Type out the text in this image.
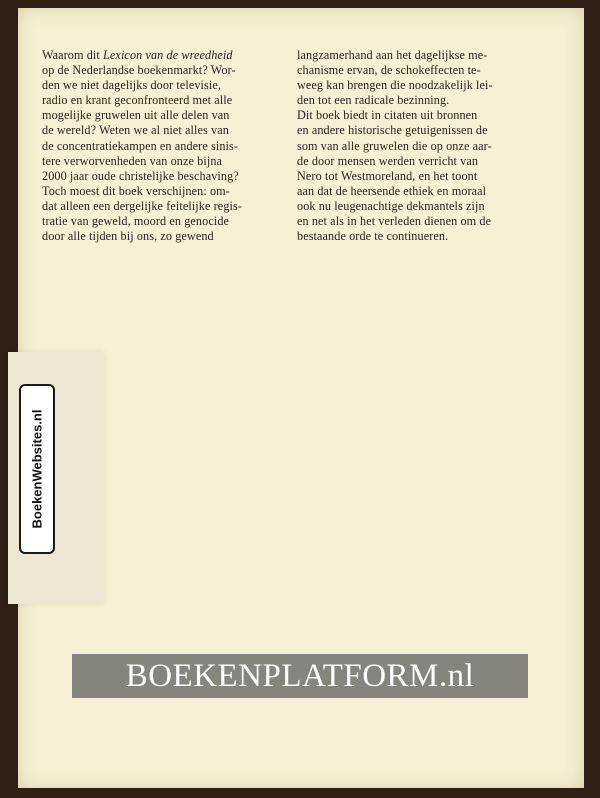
Waarom dit Lexicon van de wreedheid
op de Nederlandse boekenmarkt? Wor-
den we niet dagelijks door televisie,
radio en krant geconfronteerd met alle
mogelijke gruwelen uit alle delen van
de wereld? Weten we al niet alles van
de concentratiekampen en andere sinis-
tere verworvenheden van onze bijna
2000 jaar oude christelijke beschaving?
Toch moest dit boek verschijnen: om-
dat alleen een dergelijke feitelijke regis-
tratie van geweld, moord en genocide
door alle tijden bij ons, zo gewend
langzamerhand aan het dagelijkse me-
chanisme ervan, de schokeffecten te-
weeg kan brengen die noodzakelijk lei-
den tot een radicale bezinning.
Dit boek biedt in citaten uit bronnen
en andere historische getuigenissen de
som van alle gruwelen die op onze aar-
de door mensen werden verricht van
Nero tot Westmoreland, en het toont
aan dat de heersende ethiek en moraal
ook nu leugenachtige dekmantels zijn
en net als in het verleden dienen om de
bestaande orde te continueren.
BoekenWebsites.nl
BOEKENPLATFORM.nl
